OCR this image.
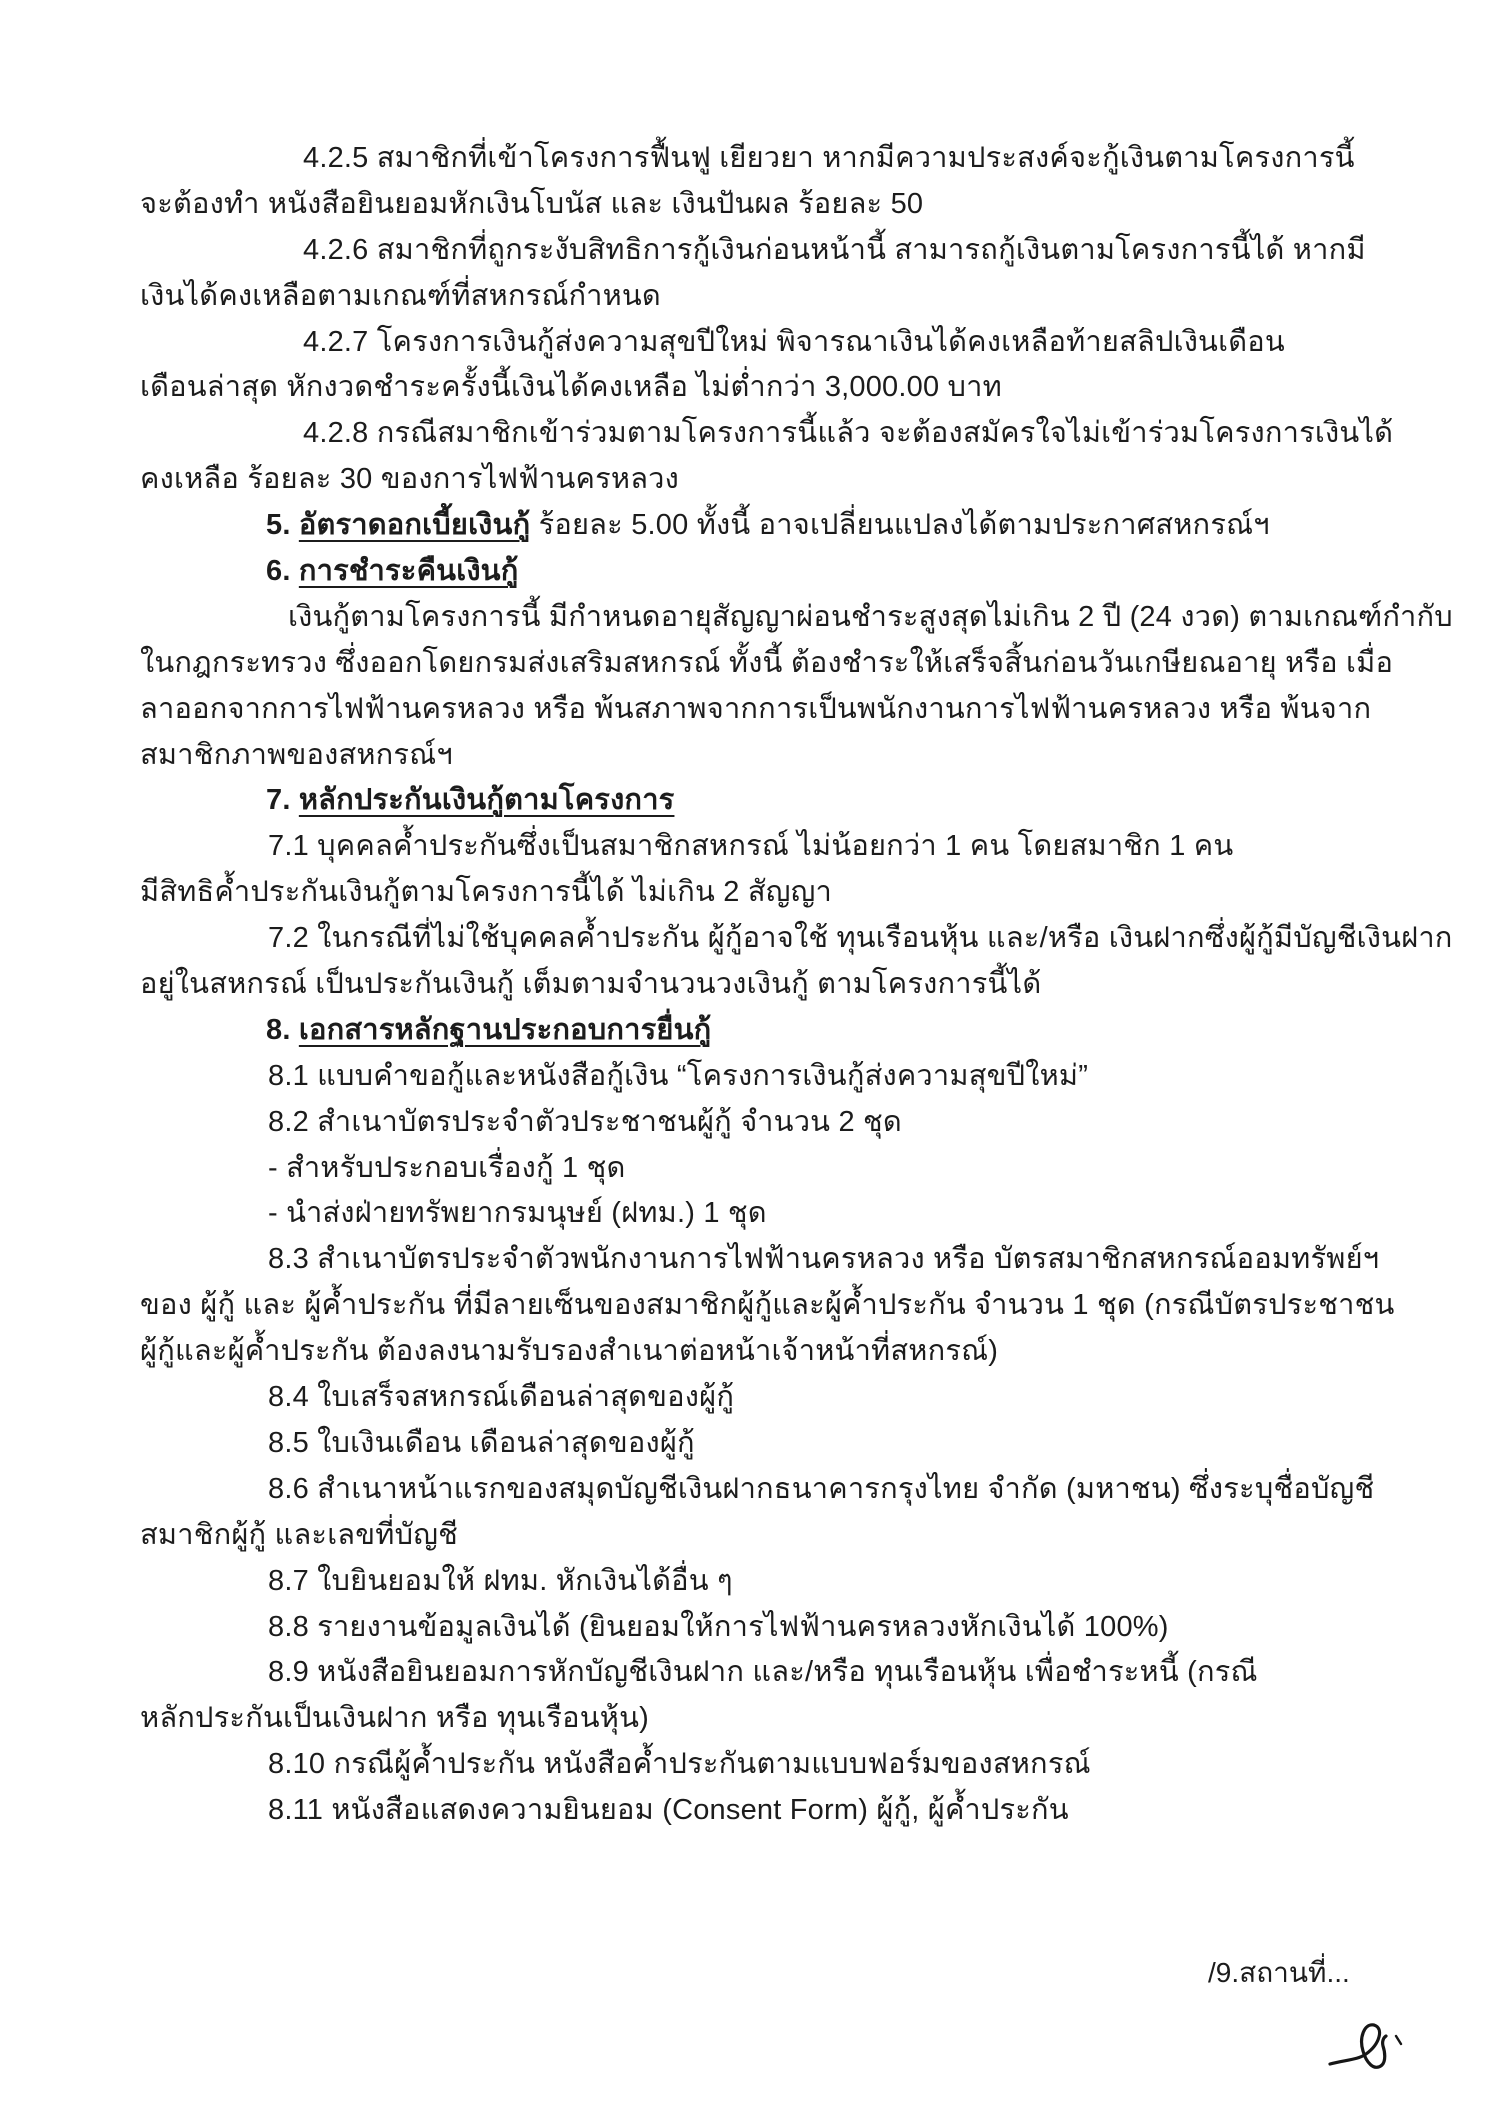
4.2.5 สมาชิกที่เข้าโครงการฟื้นฟู เยียวยา หากมีความประสงค์จะกู้เงินตามโครงการนี้
จะต้องทำ หนังสือยินยอมหักเงินโบนัส และ เงินปันผล ร้อยละ 50
4.2.6 สมาชิกที่ถูกระงับสิทธิการกู้เงินก่อนหน้านี้ สามารถกู้เงินตามโครงการนี้ได้ หากมี
เงินได้คงเหลือตามเกณฑ์ที่สหกรณ์กำหนด
4.2.7 โครงการเงินกู้ส่งความสุขปีใหม่ พิจารณาเงินได้คงเหลือท้ายสลิปเงินเดือน
เดือนล่าสุด หักงวดชำระครั้งนี้เงินได้คงเหลือ ไม่ต่ำกว่า 3,000.00 บาท
4.2.8 กรณีสมาชิกเข้าร่วมตามโครงการนี้แล้ว จะต้องสมัครใจไม่เข้าร่วมโครงการเงินได้
คงเหลือ ร้อยละ 30 ของการไฟฟ้านครหลวง
5. อัตราดอกเบี้ยเงินกู้ ร้อยละ 5.00 ทั้งนี้ อาจเปลี่ยนแปลงได้ตามประกาศสหกรณ์ฯ
6. การชำระคืนเงินกู้
เงินกู้ตามโครงการนี้ มีกำหนดอายุสัญญาผ่อนชำระสูงสุดไม่เกิน 2 ปี (24 งวด) ตามเกณฑ์กำกับ
ในกฎกระทรวง ซึ่งออกโดยกรมส่งเสริมสหกรณ์ ทั้งนี้ ต้องชำระให้เสร็จสิ้นก่อนวันเกษียณอายุ หรือ เมื่อ
ลาออกจากการไฟฟ้านครหลวง หรือ พ้นสภาพจากการเป็นพนักงานการไฟฟ้านครหลวง หรือ พ้นจาก
สมาชิกภาพของสหกรณ์ฯ
7. หลักประกันเงินกู้ตามโครงการ
7.1 บุคคลค้ำประกันซึ่งเป็นสมาชิกสหกรณ์ ไม่น้อยกว่า 1 คน โดยสมาชิก 1 คน
มีสิทธิค้ำประกันเงินกู้ตามโครงการนี้ได้ ไม่เกิน 2 สัญญา
7.2 ในกรณีที่ไม่ใช้บุคคลค้ำประกัน ผู้กู้อาจใช้ ทุนเรือนหุ้น และ/หรือ เงินฝากซึ่งผู้กู้มีบัญชีเงินฝาก
อยู่ในสหกรณ์ เป็นประกันเงินกู้ เต็มตามจำนวนวงเงินกู้ ตามโครงการนี้ได้
8. เอกสารหลักฐานประกอบการยื่นกู้
8.1 แบบคำขอกู้และหนังสือกู้เงิน “โครงการเงินกู้ส่งความสุขปีใหม่”
8.2 สำเนาบัตรประจำตัวประชาชนผู้กู้ จำนวน 2 ชุด
- สำหรับประกอบเรื่องกู้ 1 ชุด
- นำส่งฝ่ายทรัพยากรมนุษย์ (ฝทม.) 1 ชุด
8.3 สำเนาบัตรประจำตัวพนักงานการไฟฟ้านครหลวง หรือ บัตรสมาชิกสหกรณ์ออมทรัพย์ฯ
ของ ผู้กู้ และ ผู้ค้ำประกัน ที่มีลายเซ็นของสมาชิกผู้กู้และผู้ค้ำประกัน จำนวน 1 ชุด (กรณีบัตรประชาชน
ผู้กู้และผู้ค้ำประกัน ต้องลงนามรับรองสำเนาต่อหน้าเจ้าหน้าที่สหกรณ์)
8.4 ใบเสร็จสหกรณ์เดือนล่าสุดของผู้กู้
8.5 ใบเงินเดือน เดือนล่าสุดของผู้กู้
8.6 สำเนาหน้าแรกของสมุดบัญชีเงินฝากธนาคารกรุงไทย จำกัด (มหาชน) ซึ่งระบุชื่อบัญชี
สมาชิกผู้กู้ และเลขที่บัญชี
8.7 ใบยินยอมให้ ฝทม. หักเงินได้อื่น ๆ
8.8 รายงานข้อมูลเงินได้ (ยินยอมให้การไฟฟ้านครหลวงหักเงินได้ 100%)
8.9 หนังสือยินยอมการหักบัญชีเงินฝาก และ/หรือ ทุนเรือนหุ้น เพื่อชำระหนี้ (กรณี
หลักประกันเป็นเงินฝาก หรือ ทุนเรือนหุ้น)
8.10 กรณีผู้ค้ำประกัน หนังสือค้ำประกันตามแบบฟอร์มของสหกรณ์
8.11 หนังสือแสดงความยินยอม (Consent Form) ผู้กู้, ผู้ค้ำประกัน
/9.สถานที่...
